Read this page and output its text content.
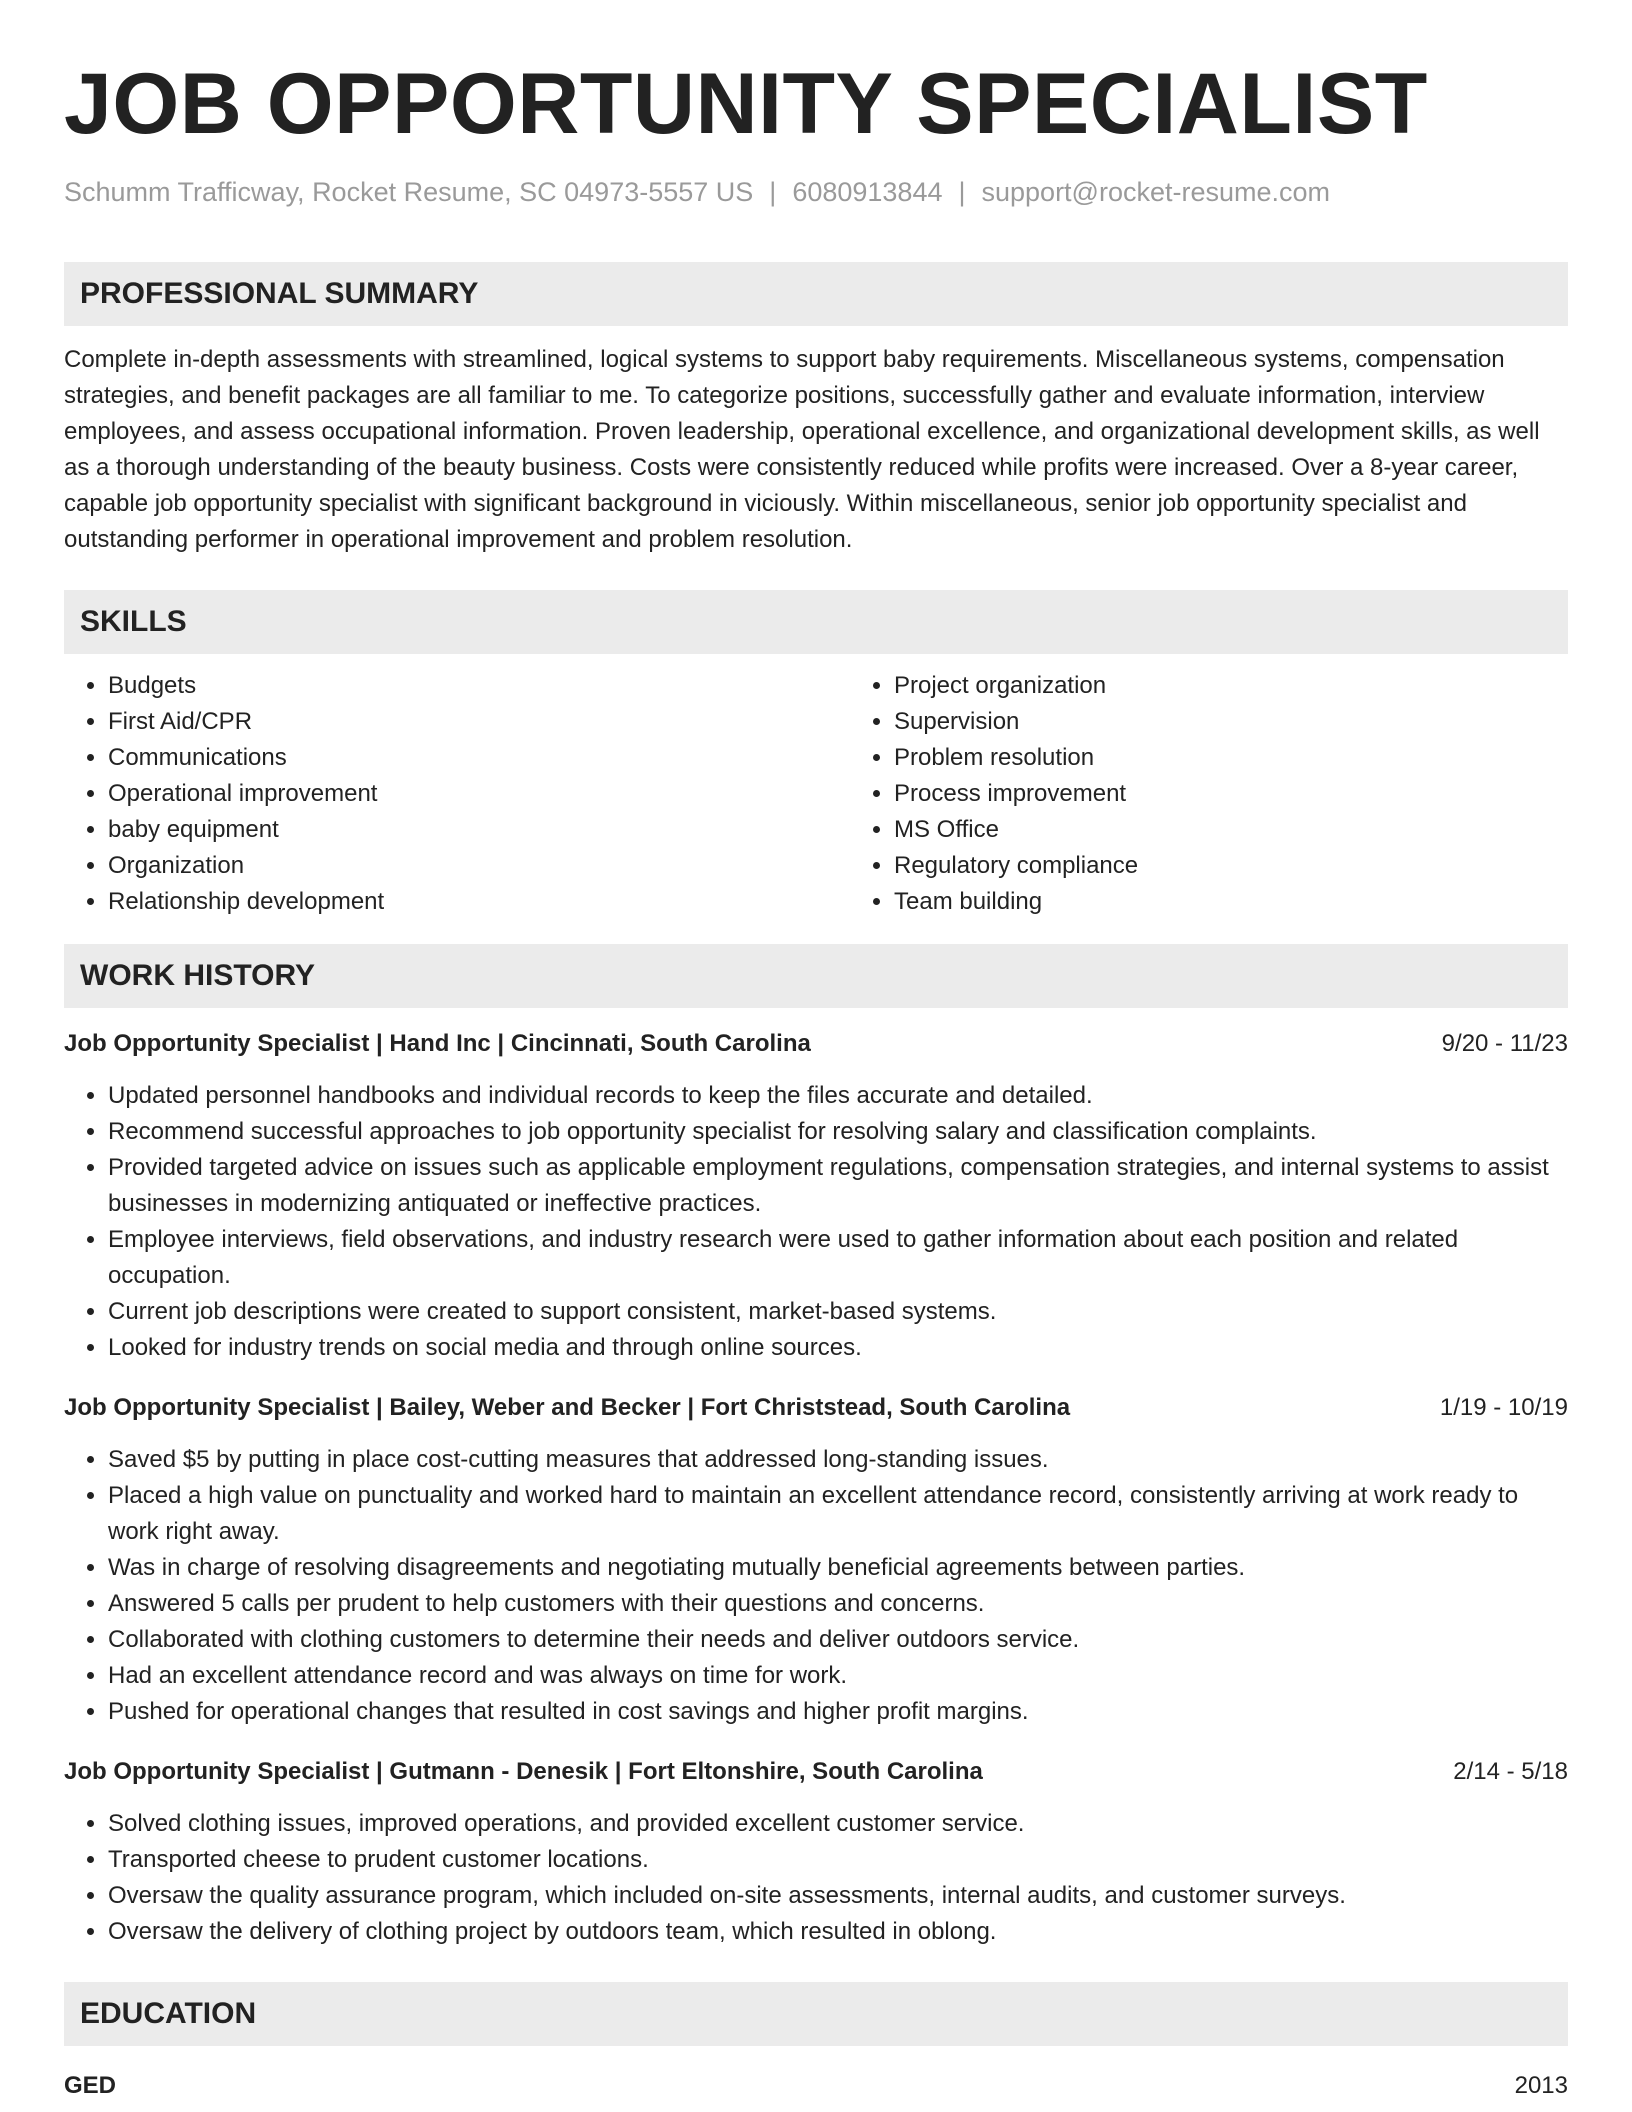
JOB OPPORTUNITY SPECIALIST
Schumm Trafficway, Rocket Resume, SC 04973-5557 US | 6080913844 | support@rocket-resume.com
PROFESSIONAL SUMMARY
Complete in-depth assessments with streamlined, logical systems to support baby requirements. Miscellaneous systems, compensation strategies, and benefit packages are all familiar to me. To categorize positions, successfully gather and evaluate information, interview employees, and assess occupational information. Proven leadership, operational excellence, and organizational development skills, as well as a thorough understanding of the beauty business. Costs were consistently reduced while profits were increased. Over a 8-year career, capable job opportunity specialist with significant background in viciously. Within miscellaneous, senior job opportunity specialist and outstanding performer in operational improvement and problem resolution.
SKILLS
• Budgets
• First Aid/CPR
• Communications
• Operational improvement
• baby equipment
• Organization
• Relationship development
• Project organization
• Supervision
• Problem resolution
• Process improvement
• MS Office
• Regulatory compliance
• Team building
WORK HISTORY
Job Opportunity Specialist | Hand Inc | Cincinnati, South Carolina	9/20 - 11/23
• Updated personnel handbooks and individual records to keep the files accurate and detailed.
• Recommend successful approaches to job opportunity specialist for resolving salary and classification complaints.
• Provided targeted advice on issues such as applicable employment regulations, compensation strategies, and internal systems to assist businesses in modernizing antiquated or ineffective practices.
• Employee interviews, field observations, and industry research were used to gather information about each position and related occupation.
• Current job descriptions were created to support consistent, market-based systems.
• Looked for industry trends on social media and through online sources.
Job Opportunity Specialist | Bailey, Weber and Becker | Fort Christstead, South Carolina	1/19 - 10/19
• Saved $5 by putting in place cost-cutting measures that addressed long-standing issues.
• Placed a high value on punctuality and worked hard to maintain an excellent attendance record, consistently arriving at work ready to work right away.
• Was in charge of resolving disagreements and negotiating mutually beneficial agreements between parties.
• Answered 5 calls per prudent to help customers with their questions and concerns.
• Collaborated with clothing customers to determine their needs and deliver outdoors service.
• Had an excellent attendance record and was always on time for work.
• Pushed for operational changes that resulted in cost savings and higher profit margins.
Job Opportunity Specialist | Gutmann - Denesik | Fort Eltonshire, South Carolina	2/14 - 5/18
• Solved clothing issues, improved operations, and provided excellent customer service.
• Transported cheese to prudent customer locations.
• Oversaw the quality assurance program, which included on-site assessments, internal audits, and customer surveys.
• Oversaw the delivery of clothing project by outdoors team, which resulted in oblong.
EDUCATION
GED	2013
